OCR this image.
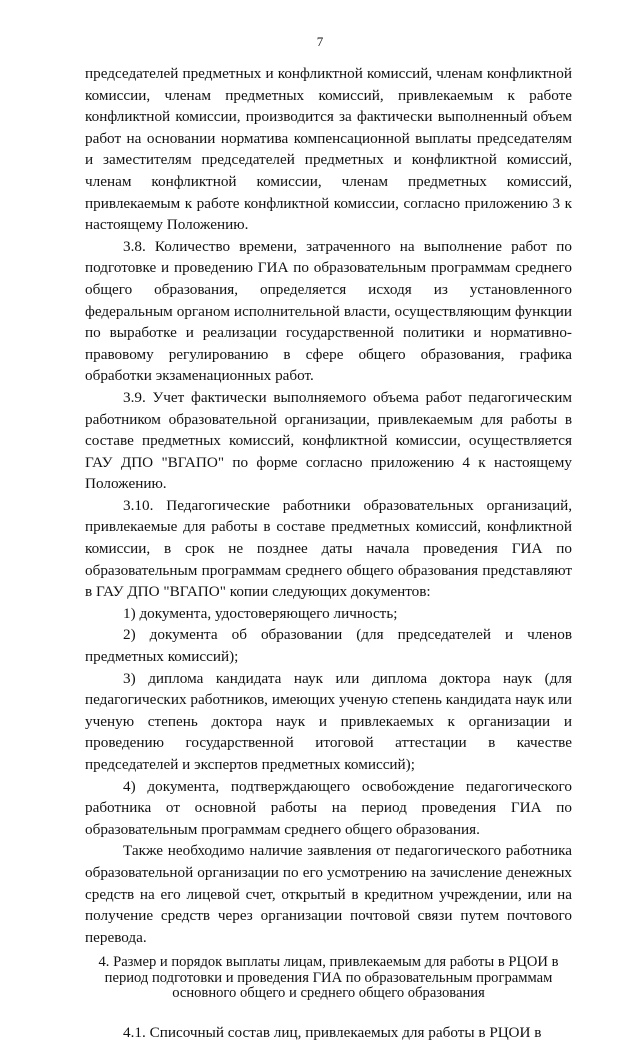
7

председателей предметных и конфликтной комиссий, членам конфликтной комиссии, членам предметных комиссий, привлекаемым к работе конфликтной комиссии, производится за фактически выполненный объем работ на основании норматива компенсационной выплаты председателям и заместителям председателей предметных и конфликтной комиссий, членам конфликтной комиссии, членам предметных комиссий, привлекаемым к работе конфликтной комиссии, согласно приложению 3 к настоящему Положению.

3.8. Количество времени, затраченного на выполнение работ по подготовке и проведению ГИА по образовательным программам среднего общего образования, определяется исходя из установленного федеральным органом исполнительной власти, осуществляющим функции по выработке и реализации государственной политики и нормативно-правовому регулированию в сфере общего образования, графика обработки экзаменационных работ.

3.9. Учет фактически выполняемого объема работ педагогическим работником образовательной организации, привлекаемым для работы в составе предметных комиссий, конфликтной комиссии, осуществляется ГАУ ДПО "ВГАПО" по форме согласно приложению 4 к настоящему Положению.

3.10. Педагогические работники образовательных организаций, привлекаемые для работы в составе предметных комиссий, конфликтной комиссии, в срок не позднее даты начала проведения ГИА по образовательным программам среднего общего образования представляют в ГАУ ДПО "ВГАПО" копии следующих документов:

1) документа, удостоверяющего личность;

2) документа об образовании (для председателей и членов предметных комиссий);

3) диплома кандидата наук или диплома доктора наук (для педагогических работников, имеющих ученую степень кандидата наук или ученую степень доктора наук и привлекаемых к организации и проведению государственной итоговой аттестации в качестве председателей и экспертов предметных комиссий);

4) документа, подтверждающего освобождение педагогического работника от основной работы на период проведения ГИА по образовательным программам среднего общего образования.

Также необходимо наличие заявления от педагогического работника образовательной организации по его усмотрению на зачисление денежных средств на его лицевой счет, открытый в кредитном учреждении, или на получение средств через организации почтовой связи путем почтового перевода.

4. Размер и порядок выплаты лицам, привлекаемым для работы в РЦОИ в период подготовки и проведения ГИА по образовательным программам основного общего и среднего общего образования

4.1. Списочный состав лиц, привлекаемых для работы в РЦОИ в
